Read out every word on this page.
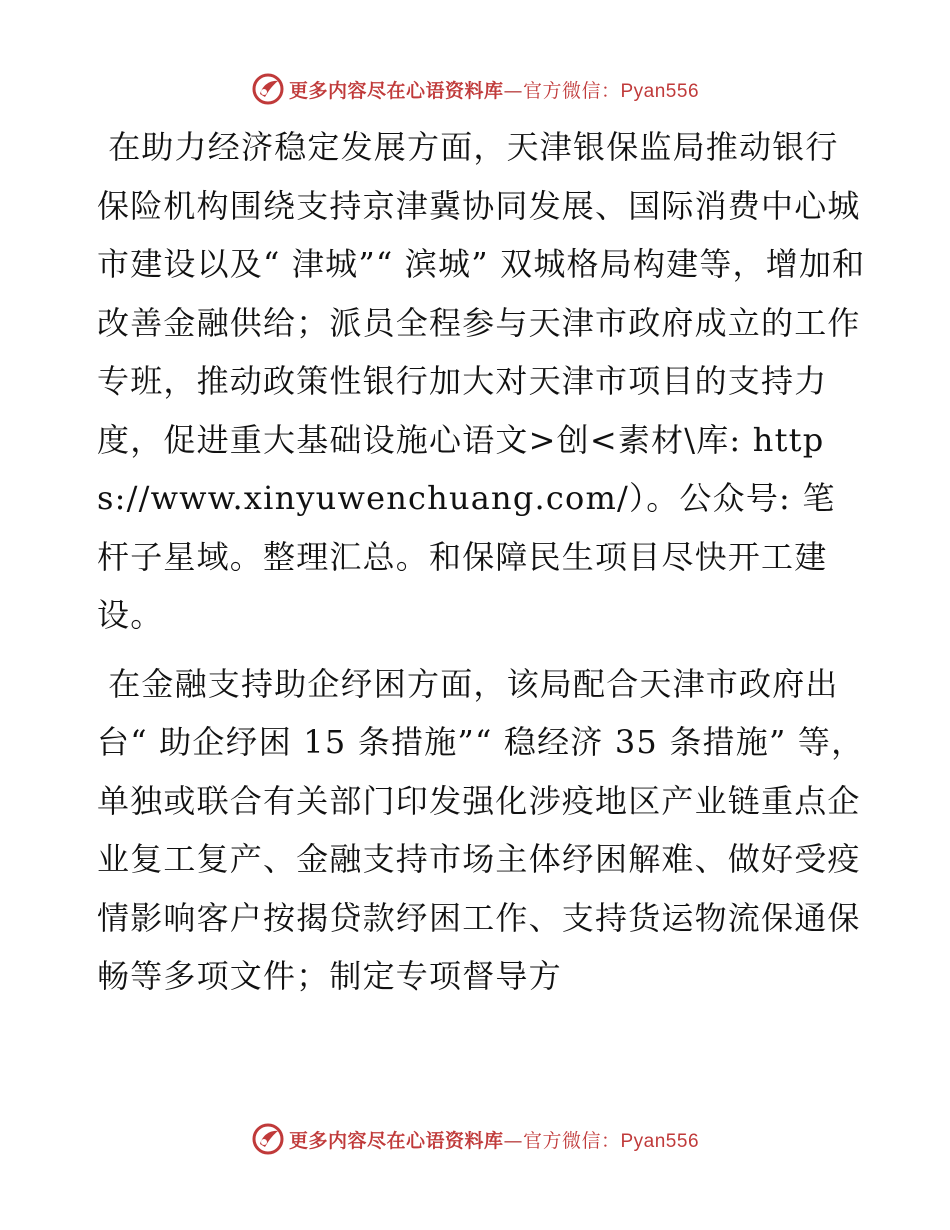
更多内容尽在心语资料库—官方微信：Pyan556

在助力经济稳定发展方面，天津银保监局推动银行保险机构围绕支持京津冀协同发展、国际消费中心城市建设以及“ 津城”“ 滨城” 双城格局构建等，增加和改善金融供给；派员全程参与天津市政府成立的工作专班，推动政策性银行加大对天津市项目的支持力度，促进重大基础设施心语文>创<素材\库: https://www.xinyuwenchuang.com/）。公众号: 笔杆子星域。整理汇总。和保障民生项目尽快开工建设。

在金融支持助企纾困方面，该局配合天津市政府出台“ 助企纾困 15 条措施”“ 稳经济 35 条措施” 等，单独或联合有关部门印发强化涉疫地区产业链重点企业复工复产、金融支持市场主体纾困解难、做好受疫情影响客户按揭贷款纾困工作、支持货运物流保通保畅等多项文件；制定专项督导方

更多内容尽在心语资料库—官方微信：Pyan556
